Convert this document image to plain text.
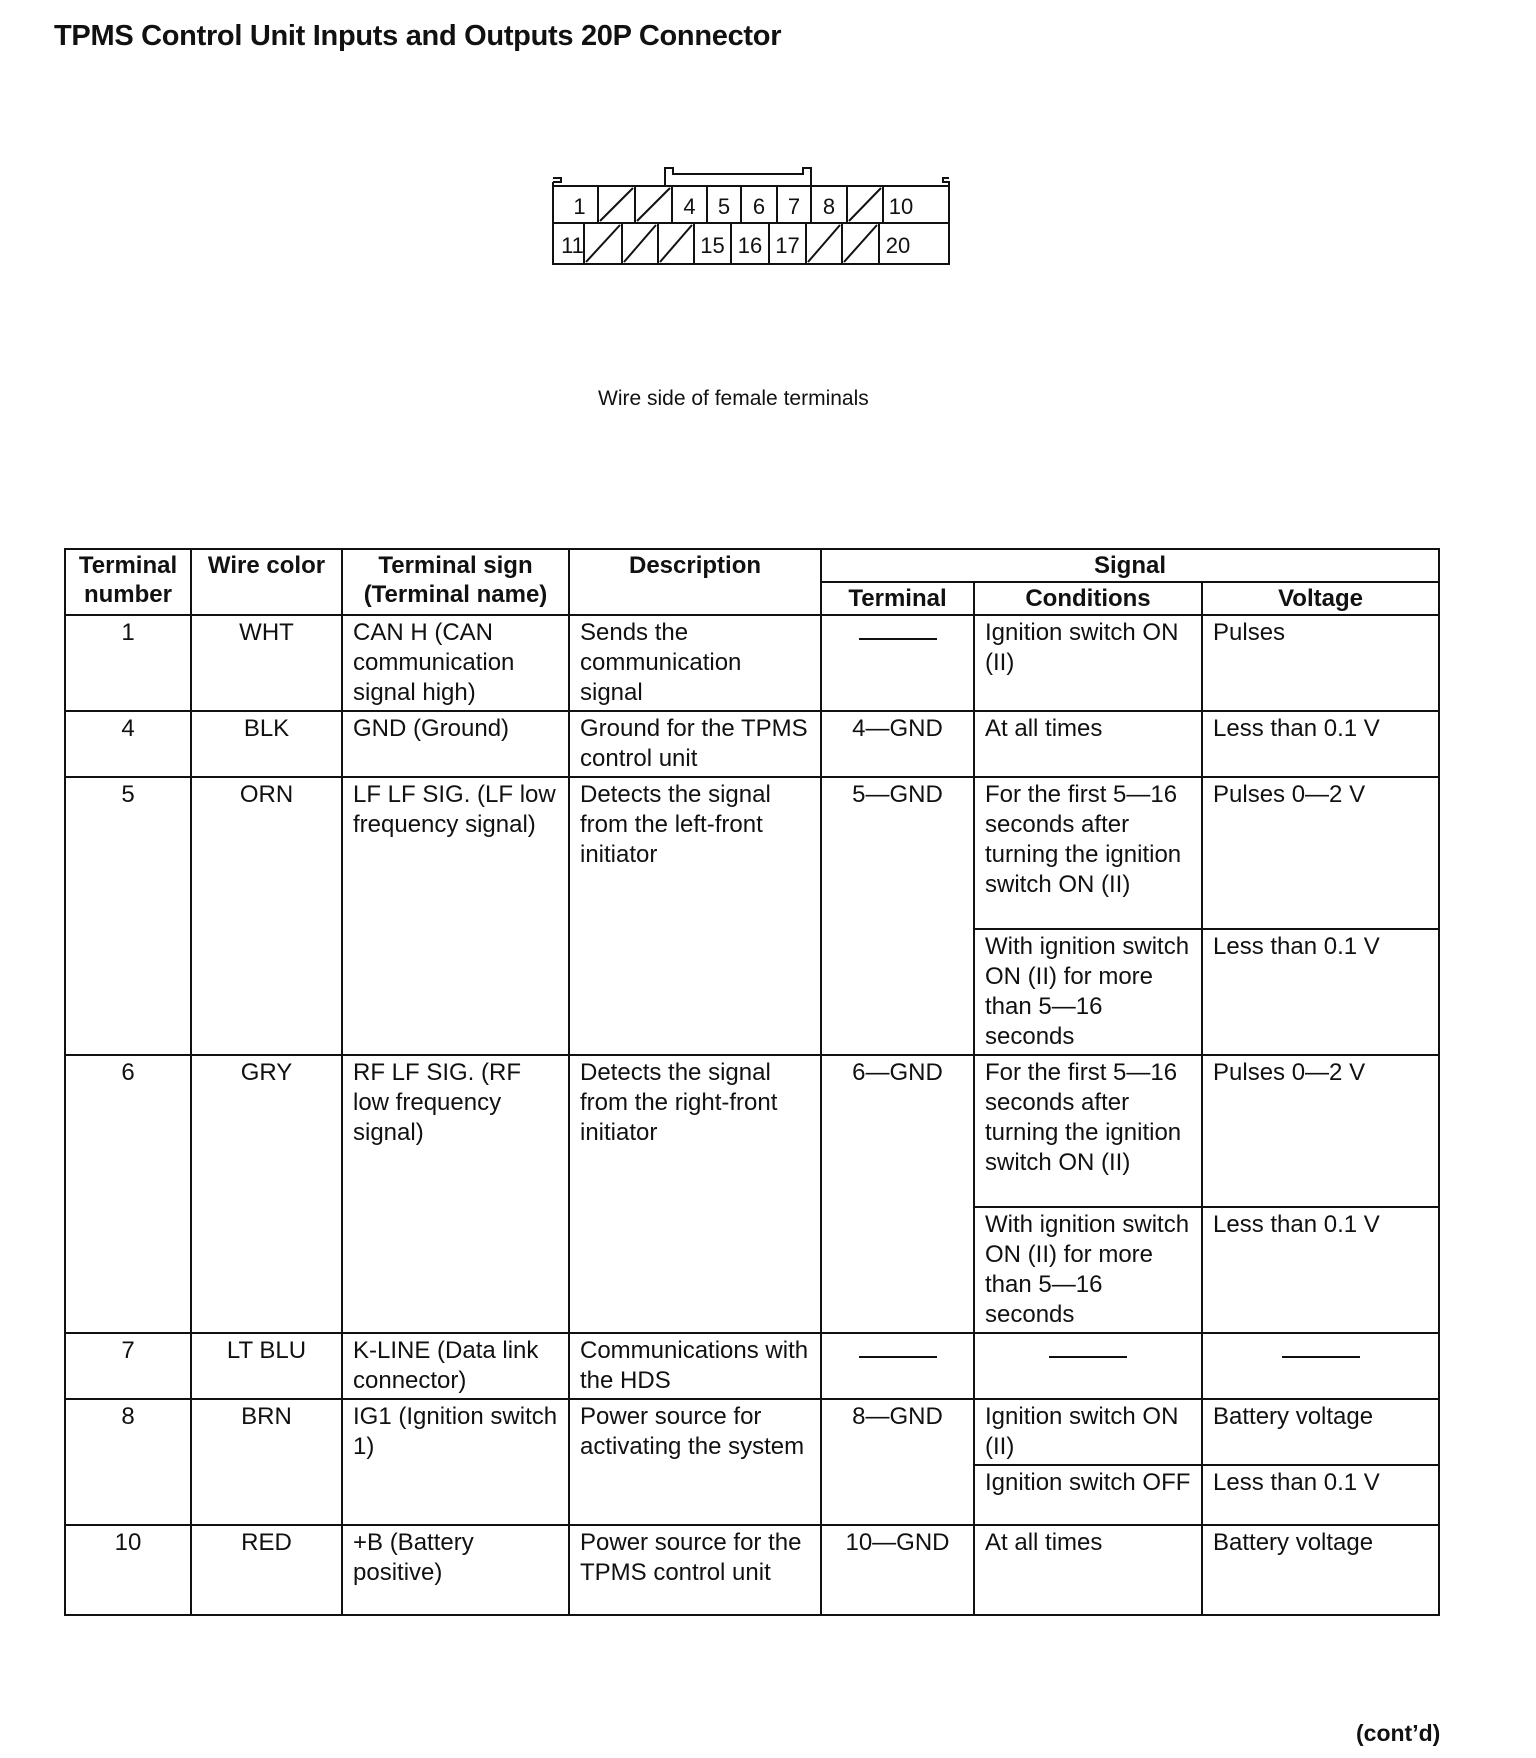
TPMS Control Unit Inputs and Outputs 20P Connector
1	4	5	6	7	8	10
11	15 16 17	20
Wire side of female terminals
Terminal number	Wire color	Terminal sign (Terminal name)	Description	Signal		
				Terminal	Conditions	Voltage
1	WHT	CAN H (CAN communication signal high)	Sends the communication signal		Ignition switch ON (II)	Pulses
4	BLK	GND (Ground)	Ground for the TPMS control unit	4—GND	At all times	Less than 0.1 V
5	ORN	LF LF SIG. (LF low frequency signal)	Detects the signal from the left-front initiator	5—GND	For the first 5—16 seconds after turning the ignition switch ON (II)	Pulses 0—2 V
					With ignition switch ON (II) for more than 5—16 seconds	Less than 0.1 V
6	GRY	RF LF SIG. (RF low frequency signal)	Detects the signal from the right-front initiator	6—GND	For the first 5—16 seconds after turning the ignition switch ON (II)	Pulses 0—2 V
					With ignition switch ON (II) for more than 5—16 seconds	Less than 0.1 V
7	LT BLU	K-LINE (Data link connector)	Communications with the HDS			
8	BRN	IG1 (Ignition switch 1)	Power source for activating the system	8—GND	Ignition switch ON (II)	Battery voltage
					Ignition switch OFF	Less than 0.1 V
10	RED	+B (Battery positive)	Power source for the TPMS control unit	10—GND	At all times	Battery voltage
(cont’d)
